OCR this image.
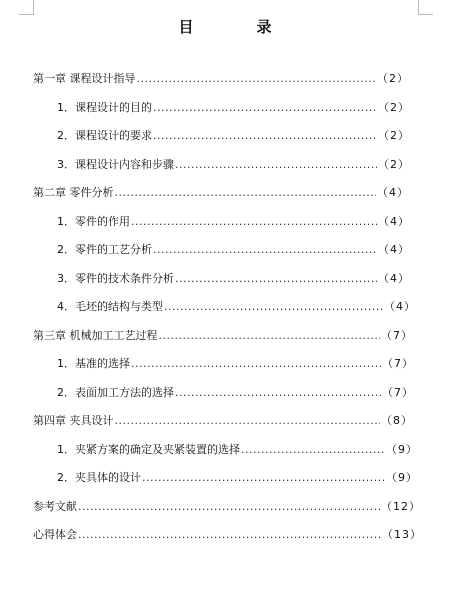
目　录
第一章 课程设计指导 .....	（2）
1．课程设计的目的 .....	（2）
2．课程设计的要求 .....	（2）
3．课程设计内容和步骤 .....	（2）
第二章 零件分析 .....	（4）
1．零件的作用 .....	（4）
2．零件的工艺分析 .....	（4）
3．零件的技术条件分析 .....	（4）
4．毛坯的结构与类型 .....	（4）
第三章 机械加工工艺过程 .....	（7）
1．基准的选择 .....	（7）
2．表面加工方法的选择 .....	（7）
第四章 夹具设计 .....	（8）
1．夹紧方案的确定及夹紧装置的选择 .....	（9）
2．夹具体的设计 .....	（9）
参考文献 .....	（12）
心得体会 .....	（13）
